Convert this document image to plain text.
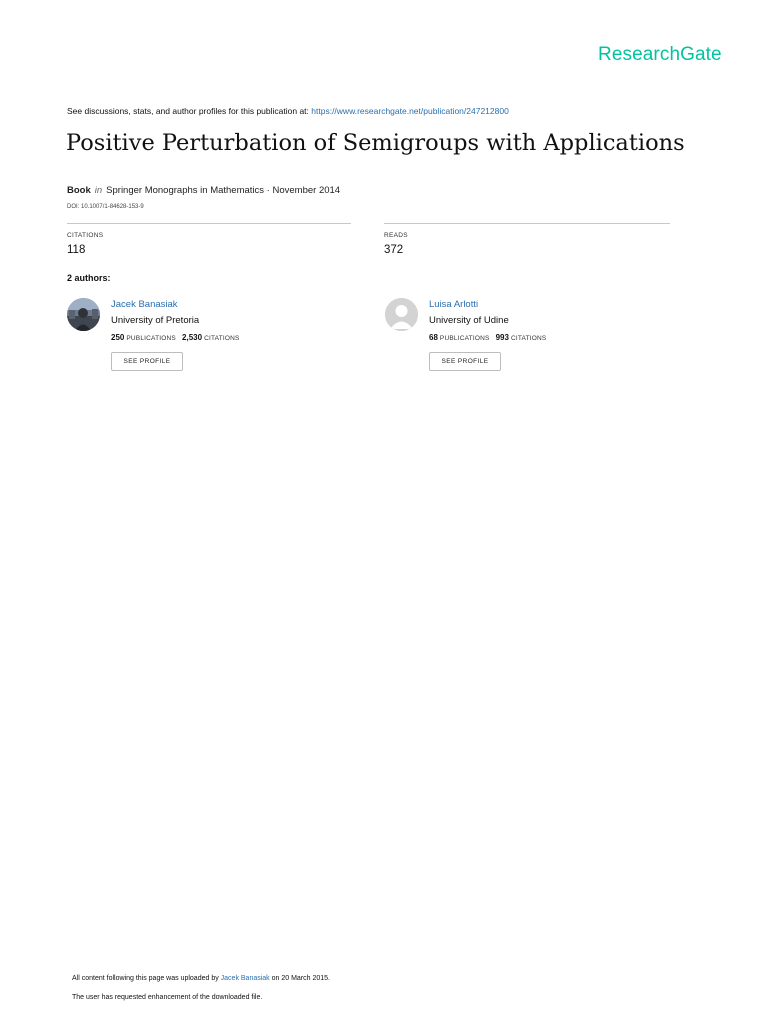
ResearchGate
See discussions, stats, and author profiles for this publication at: https://www.researchgate.net/publication/247212800
Positive Perturbation of Semigroups with Applications
Book in Springer Monographs in Mathematics · November 2014
DOI: 10.1007/1-84628-153-9
CITATIONS
118
READS
372
2 authors:
Jacek Banasiak
University of Pretoria
250 PUBLICATIONS 2,530 CITATIONS
SEE PROFILE
Luisa Arlotti
University of Udine
68 PUBLICATIONS 993 CITATIONS
SEE PROFILE
All content following this page was uploaded by Jacek Banasiak on 20 March 2015.
The user has requested enhancement of the downloaded file.
